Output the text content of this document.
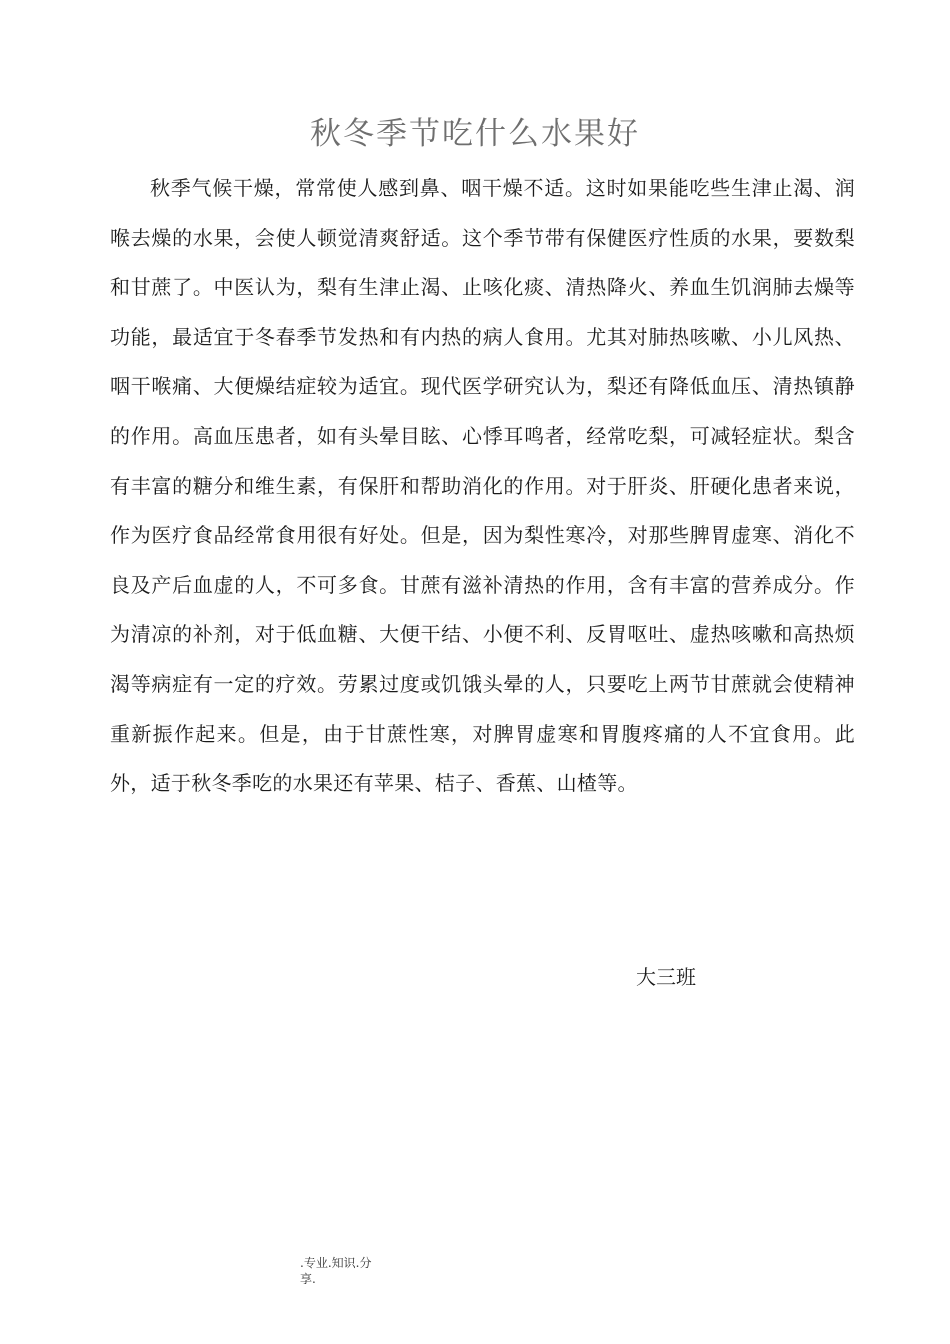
秋冬季节吃什么水果好

秋季气候干燥，常常使人感到鼻、咽干燥不适。这时如果能吃些生津止渴、润喉去燥的水果，会使人顿觉清爽舒适。这个季节带有保健医疗性质的水果，要数梨和甘蔗了。中医认为，梨有生津止渴、止咳化痰、清热降火、养血生饥润肺去燥等功能，最适宜于冬春季节发热和有内热的病人食用。尤其对肺热咳嗽、小儿风热、咽干喉痛、大便燥结症较为适宜。现代医学研究认为，梨还有降低血压、清热镇静的作用。高血压患者，如有头晕目眩、心悸耳鸣者，经常吃梨，可减轻症状。梨含有丰富的糖分和维生素，有保肝和帮助消化的作用。对于肝炎、肝硬化患者来说，作为医疗食品经常食用很有好处。但是，因为梨性寒冷，对那些脾胃虚寒、消化不良及产后血虚的人，不可多食。甘蔗有滋补清热的作用，含有丰富的营养成分。作为清凉的补剂，对于低血糖、大便干结、小便不利、反胃呕吐、虚热咳嗽和高热烦渴等病症有一定的疗效。劳累过度或饥饿头晕的人，只要吃上两节甘蔗就会使精神重新振作起来。但是，由于甘蔗性寒，对脾胃虚寒和胃腹疼痛的人不宜食用。此外，适于秋冬季吃的水果还有苹果、桔子、香蕉、山楂等。

大三班
.专业.知识.分享.
